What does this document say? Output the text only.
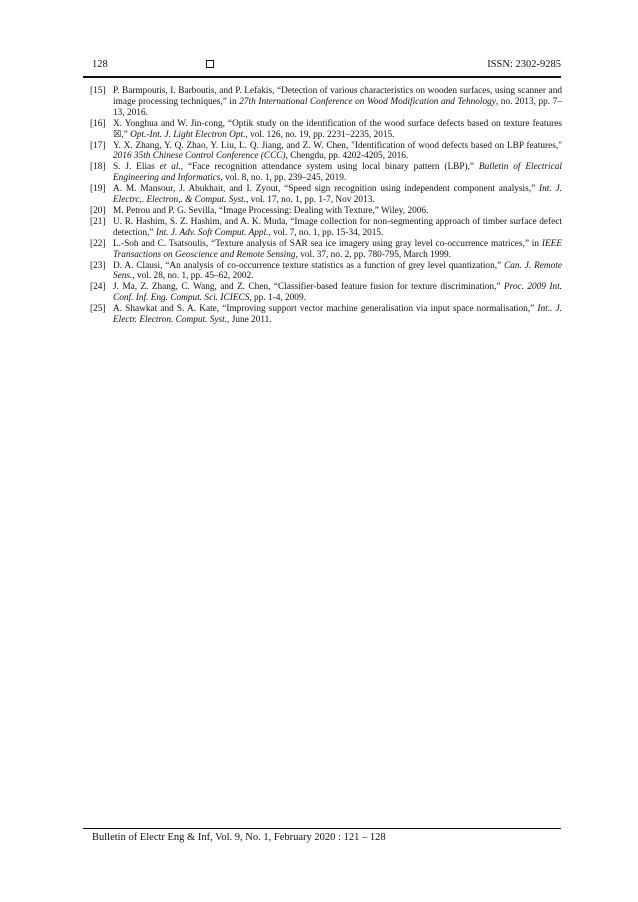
128	ISSN: 2302-9285

[15] P. Barmpoutis, I. Barboutis, and P. Lefakis, “Detection of various characteristics on wooden surfaces, using scanner and image processing techniques,” in 27th International Conference on Wood Modification and Tehnology, no. 2013, pp. 7–13, 2016.

[16] X. Yonghua and W. Jin-cong, “Optik study on the identification of the wood surface defects based on texture features ☒,” Opt.-Int. J. Light Electron Opt., vol. 126, no. 19, pp. 2231–2235, 2015.

[17] Y. X. Zhang, Y. Q. Zhao, Y. Liu, L. Q. Jiang, and Z. W. Chen, "Identification of wood defects based on LBP features," 2016 35th Chinese Control Conference (CCC), Chengdu, pp. 4202-4205, 2016.

[18] S. J. Elias et al., “Face recognition attendance system using local binary pattern (LBP),” Bulletin of Electrical Engineering and Informatics, vol. 8, no. 1, pp. 239–245, 2019.

[19] A. M. Mansour, J. Abukhait, and I. Zyout, “Speed sign recognition using independent component analysis,” Int. J. Electrc,. Electron,. & Comput. Syst., vol. 17, no. 1, pp. 1-7, Nov 2013.

[20] M. Petrou and P. G. Sevilla, “Image Processing: Dealing with Texture,” Wiley, 2006.

[21] U. R. Hashim, S. Z. Hashim, and A. K. Muda, “Image collection for non-segmenting approach of timber surface defect detection,” Int. J. Adv. Soft Comput. Appl., vol. 7, no. 1, pp. 15-34, 2015.

[22] L.-Soh and C. Tsatsoulis, “Texture analysis of SAR sea ice imagery using gray level co-occurrence matrices,” in IEEE Transactions on Geoscience and Remote Sensing, vol. 37, no. 2, pp. 780-795, March 1999.

[23] D. A. Clausi, “An analysis of co-occurrence texture statistics as a function of grey level quantization,” Can. J. Remote Sens., vol. 28, no. 1, pp. 45–62, 2002.

[24] J. Ma, Z. Zhang, C. Wang, and Z. Chen, “Classifier-based feature fusion for texture discrimination,” Proc. 2009 Int. Conf. Inf. Eng. Comput. Sci. ICIECS, pp. 1-4, 2009.

[25] A. Shawkat and S. A. Kate, “Improving support vector machine generalisation via input space normalisation,” Int.. J. Electr. Electron. Comput. Syst., June 2011.

Bulletin of Electr Eng & Inf, Vol. 9, No. 1, February 2020 : 121 – 128
